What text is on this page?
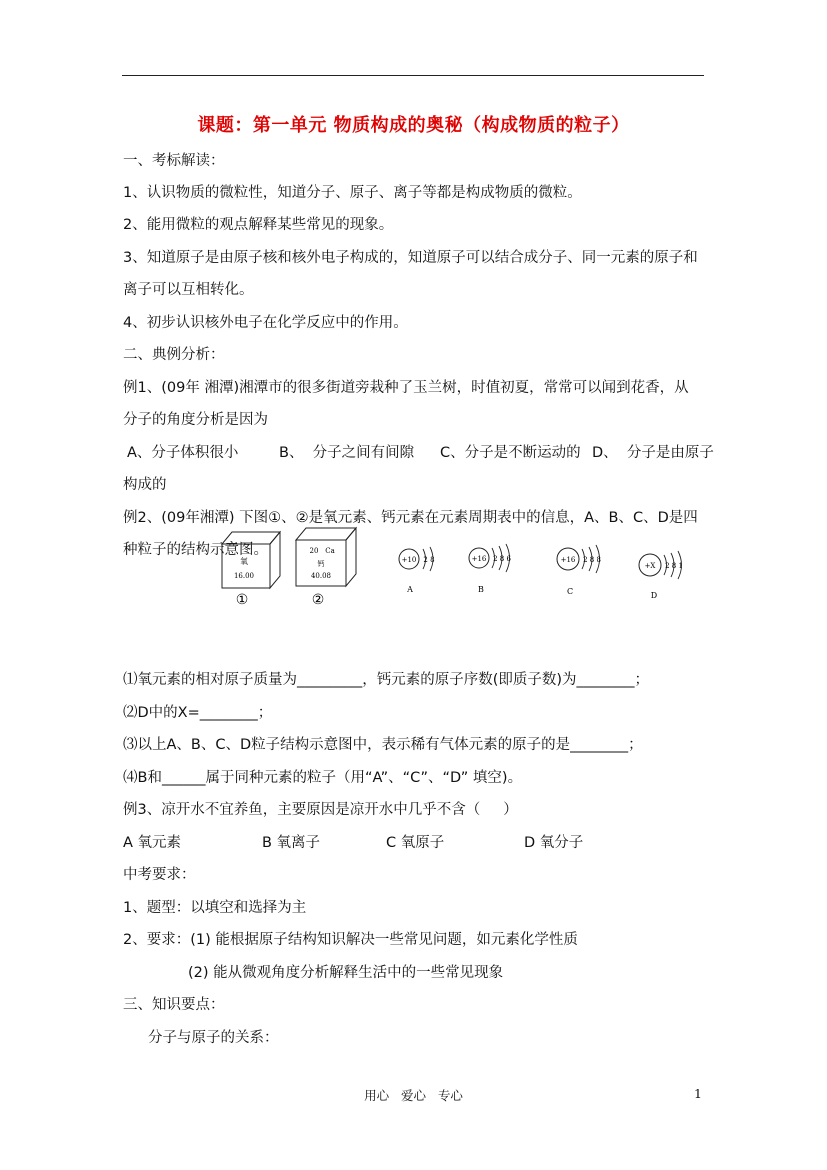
课题：第一单元 物质构成的奥秘（构成物质的粒子）
一、考标解读：
1、认识物质的微粒性，知道分子、原子、离子等都是构成物质的微粒。
2、能用微粒的观点解释某些常见的现象。
3、知道原子是由原子核和核外电子构成的，知道原子可以结合成分子、同一元素的原子和
离子可以互相转化。
4、初步认识核外电子在化学反应中的作用。
二、典例分析：
例1、(09年 湘潭)湘潭市的很多街道旁栽种了玉兰树，时值初夏，常常可以闻到花香，从
分子的角度分析是因为
A、分子体积很小	B、  分子之间有间隙 C、分子是不断运动的 D、  分子是由原子
构成的
例2、(09年湘潭) 下图①、②是氧元素、钙元素在元素周期表中的信息，A、B、C、D是四
种粒子的结构示意图。
氧
16.00
①
20 Ca
钙
40.08
②
+10 2 8
A
+16 2 8 6
B
+16 2 8 8
C
+X 2 8 1
D
⑴氧元素的相对原子质量为_________，钙元素的原子序数(即质子数)为________；
⑵D中的X=________；
⑶以上A、B、C、D粒子结构示意图中，表示稀有气体元素的原子的是________；
⑷B和______属于同种元素的粒子（用“A”、“C”、“D” 填空)。
例3、凉开水不宜养鱼，主要原因是凉开水中几乎不含（     ）
A 氧元素	B 氧离子	C 氧原子	D 氧分子
中考要求：
1、题型：以填空和选择为主
2、要求：(1) 能根据原子结构知识解决一些常见问题，如元素化学性质
(2) 能从微观角度分析解释生活中的一些常见现象
三、知识要点：
分子与原子的关系：
用心   爱心   专心	1
